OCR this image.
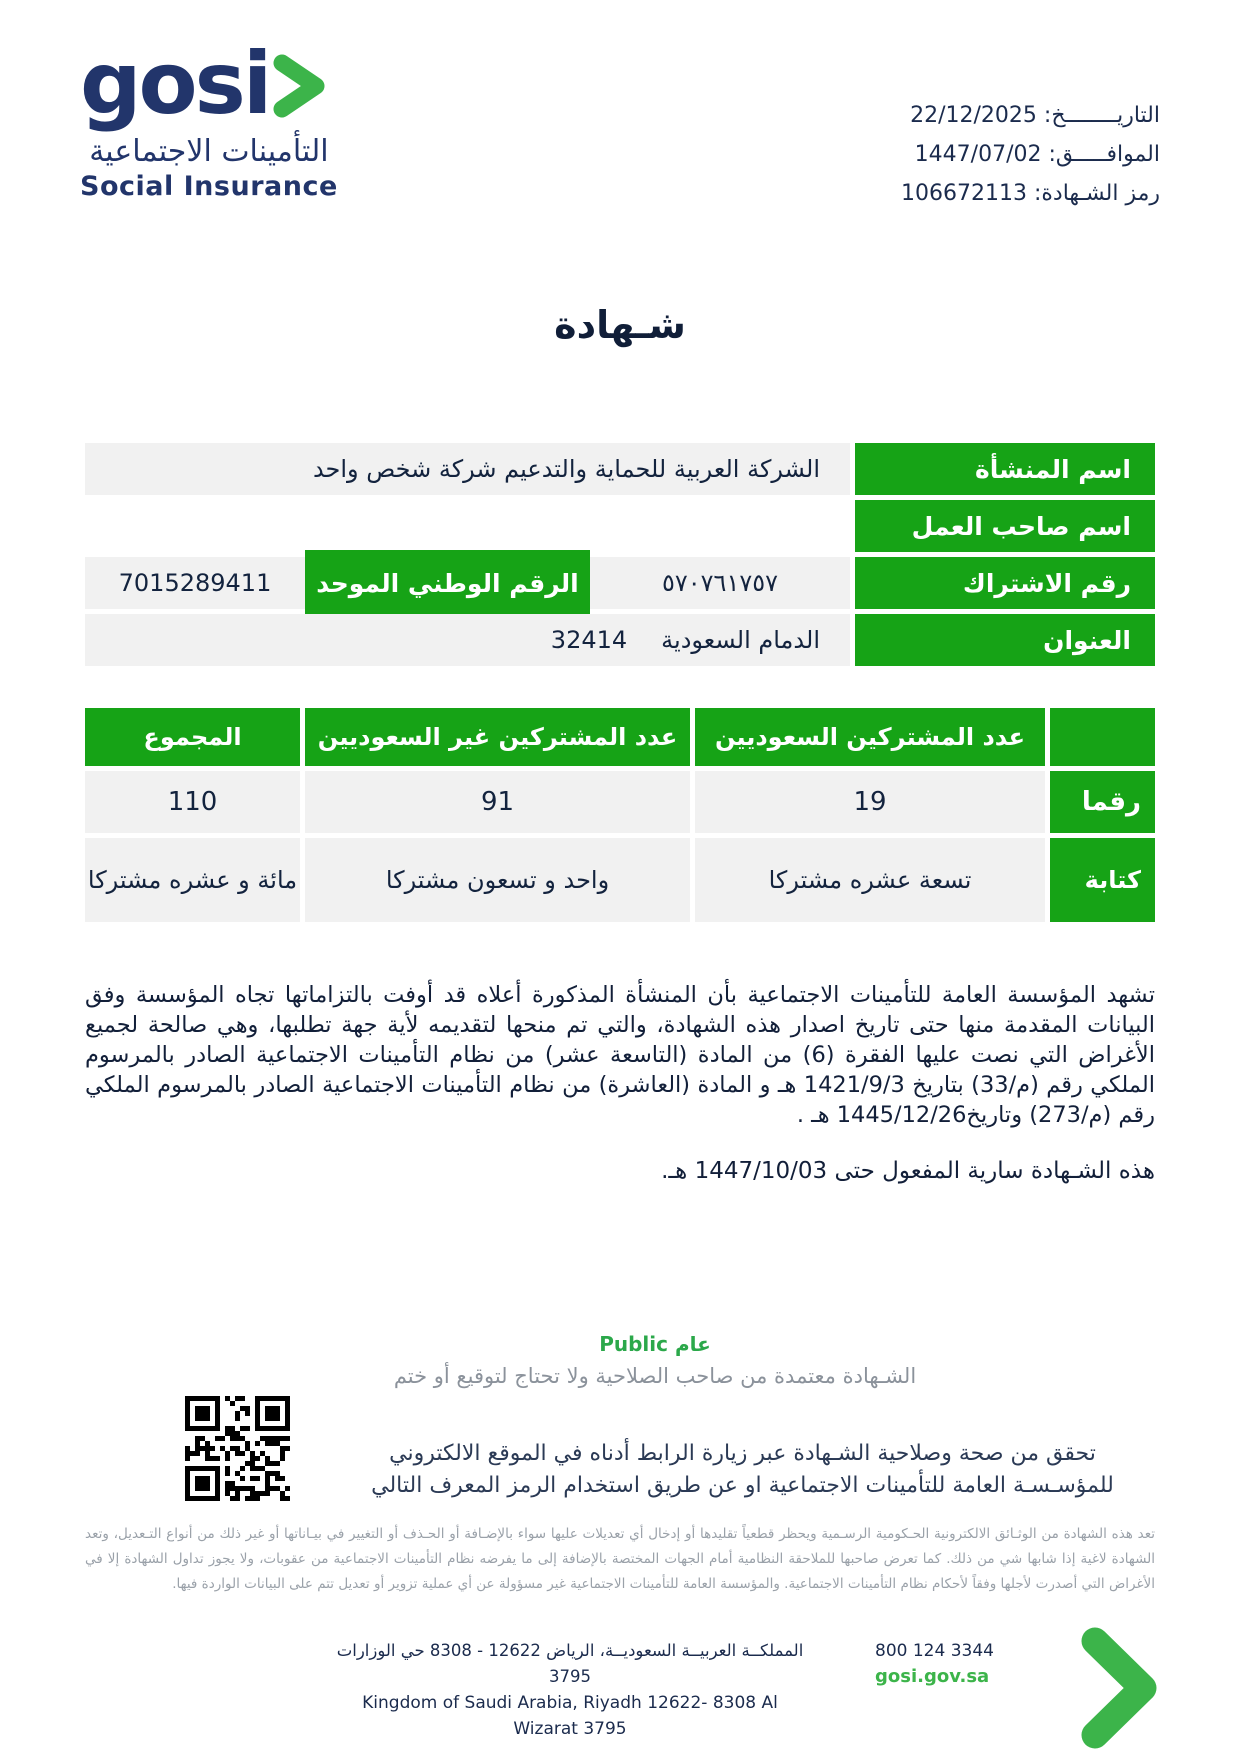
gosi
التأمينات الاجتماعية
Social Insurance
التاريــــــــخ: 22/12/2025
الموافـــــق: 1447/07/02
رمز الشـهادة: 106672113
شـهادة
اسم المنشأة
الشركة العربية للحماية والتدعيم شركة شخص واحد
اسم صاحب العمل
رقم الاشتراك
٥٧٠٧٦١٧٥٧
الرقم الوطني الموحد
7015289411
العنوان
الدمام السعودية
32414
عدد المشتركين السعوديين
عدد المشتركين غير السعوديين
المجموع
رقما
19
91
110
كتابة
تسعة عشره مشتركا
واحد و تسعون مشتركا
مائة و عشره مشتركا
تشهد المؤسسة العامة للتأمينات الاجتماعية بأن المنشأة المذكورة أعلاه قد أوفت بالتزاماتها تجاه المؤسسة وفق البيانات المقدمة منها حتى تاريخ اصدار هذه الشهادة، والتي تم منحها لتقديمه لأية جهة تطلبها، وهي صالحة لجميع الأغراض التي نصت عليها الفقرة (6) من المادة (التاسعة عشر) من نظام التأمينات الاجتماعية الصادر بالمرسوم الملكي رقم (م/33) بتاريخ 1421/9/3 هـ و المادة (العاشرة) من نظام التأمينات الاجتماعية الصادر بالمرسوم الملكي رقم (م/273) وتاريخ1445/12/26 هـ .
هذه الشـهادة سارية المفعول حتى 1447/10/03 هـ.
Public عام
الشـهادة معتمدة من صاحب الصلاحية ولا تحتاج لتوقيع أو ختم
تحقق من صحة وصلاحية الشـهادة عبر زيارة الرابط أدناه في الموقع الالكتروني للمؤسـسـة العامة للتأمينات الاجتماعية او عن طريق استخدام الرمز المعرف التالي
تعد هذه الشهادة من الوثـائق الالكترونية الحـكومية الرسـمية ويحظر قطعياً تقليدها أو إدخال أي تعديلات عليها سواء بالإضـافة أو الحـذف أو التغيير في بيـاناتها أو غير ذلك من أنواع التـعديل، وتعد الشهادة لاغية إذا شابها شي من ذلك. كما تعرض صاحبها للملاحقة النظامية أمام الجهات المختصة بالإضافة إلى ما يفرضه نظام التأمينات الاجتماعية من عقوبات، ولا يجوز تداول الشهادة إلا في الأغراض التي أصدرت لأجلها وفقاً لأحكام نظام التأمينات الاجتماعية. والمؤسسة العامة للتأمينات الاجتماعية غير مسؤولة عن أي عملية تزوير أو تعديل تتم على البيانات الواردة فيها.
المملكــة العربيــة السعوديــة، الرياض 12622 - 8308 حي الوزارات 3795
Kingdom of Saudi Arabia, Riyadh 12622- 8308 Al Wizarat 3795
800 124 3344
gosi.gov.sa
